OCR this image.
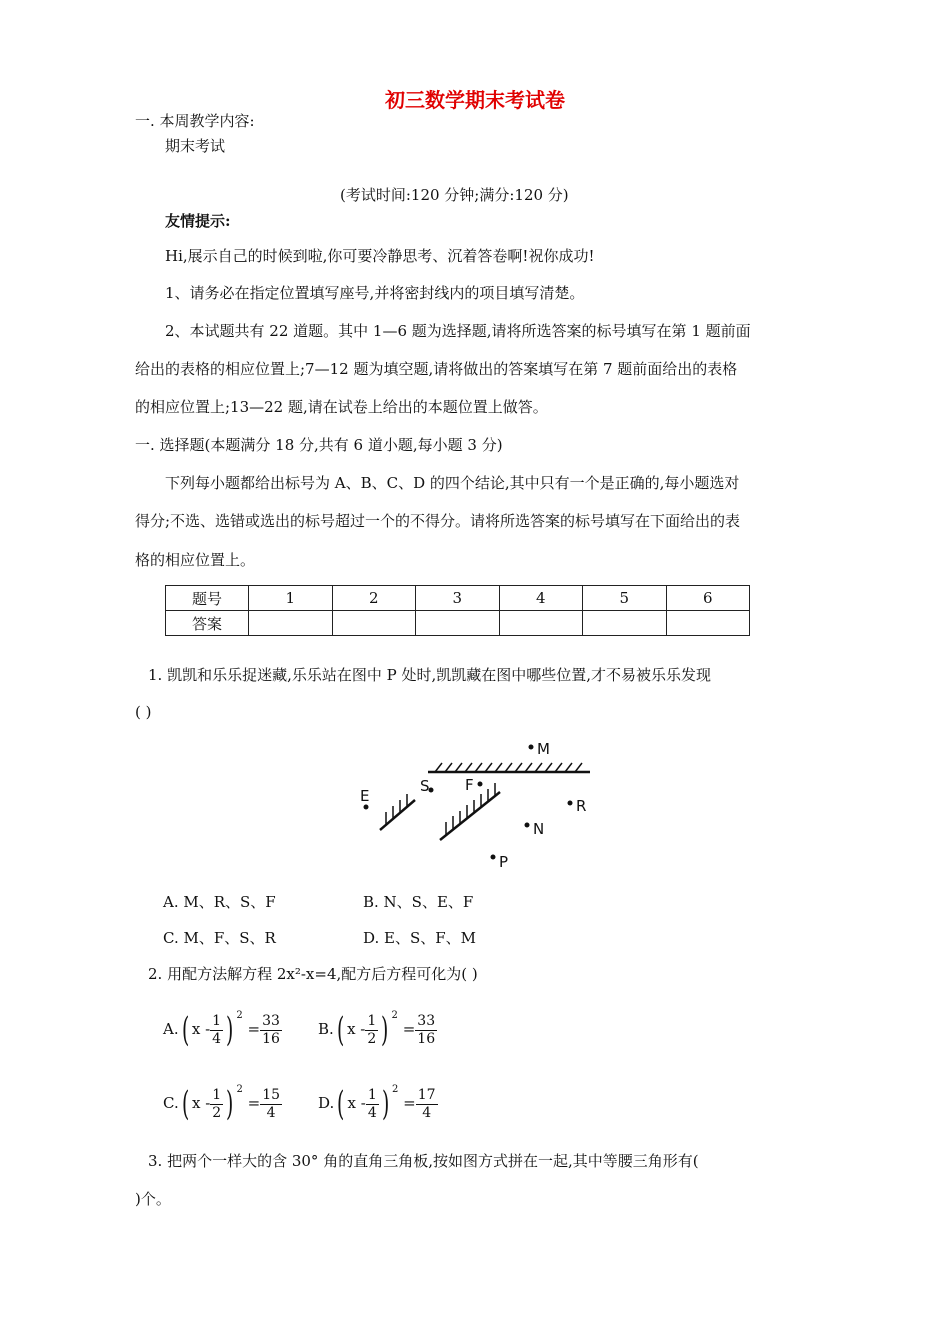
初三数学期末考试卷
一. 本周教学内容:
期末考试
(考试时间:120 分钟;满分:120 分)
友情提示:
Hi,展示自己的时候到啦,你可要冷静思考、沉着答卷啊!祝你成功!
1、请务必在指定位置填写座号,并将密封线内的项目填写清楚。
2、本试题共有 22 道题。其中 1—6 题为选择题,请将所选答案的标号填写在第 1 题前面
给出的表格的相应位置上;7—12 题为填空题,请将做出的答案填写在第 7 题前面给出的表格
的相应位置上;13—22 题,请在试卷上给出的本题位置上做答。
一. 选择题(本题满分 18 分,共有 6 道小题,每小题 3 分)
下列每小题都给出标号为 A、B、C、D 的四个结论,其中只有一个是正确的,每小题选对
得分;不选、选错或选出的标号超过一个的不得分。请将所选答案的标号填写在下面给出的表
格的相应位置上。
题号	1	2	3	4	5	6
答案						
1. 凯凯和乐乐捉迷藏,乐乐站在图中 P 处时,凯凯藏在图中哪些位置,才不易被乐乐发现
( )
M
S F
E
R
N
P
A. M、R、S、F	B. N、S、E、F
C. M、F、S、R	D. E、S、F、M
2. 用配方法解方程 2x²-x=4,配方后方程可化为( )
A.( x - $\frac{1}{4}$ ) $^2 = \frac{33}{16} B$.( x - $\frac{1}{2}$ ) $^2 = \frac{33}{16}$
C.( x - $\frac{1}{2}$ ) $^2 = \frac{15}{4} D$.( x - $\frac{1}{4}$ ) $^2 = \frac{17}{4}$
3. 把两个一样大的含 30° 角的直角三角板,按如图方式拼在一起,其中等腰三角形有(
)个。
